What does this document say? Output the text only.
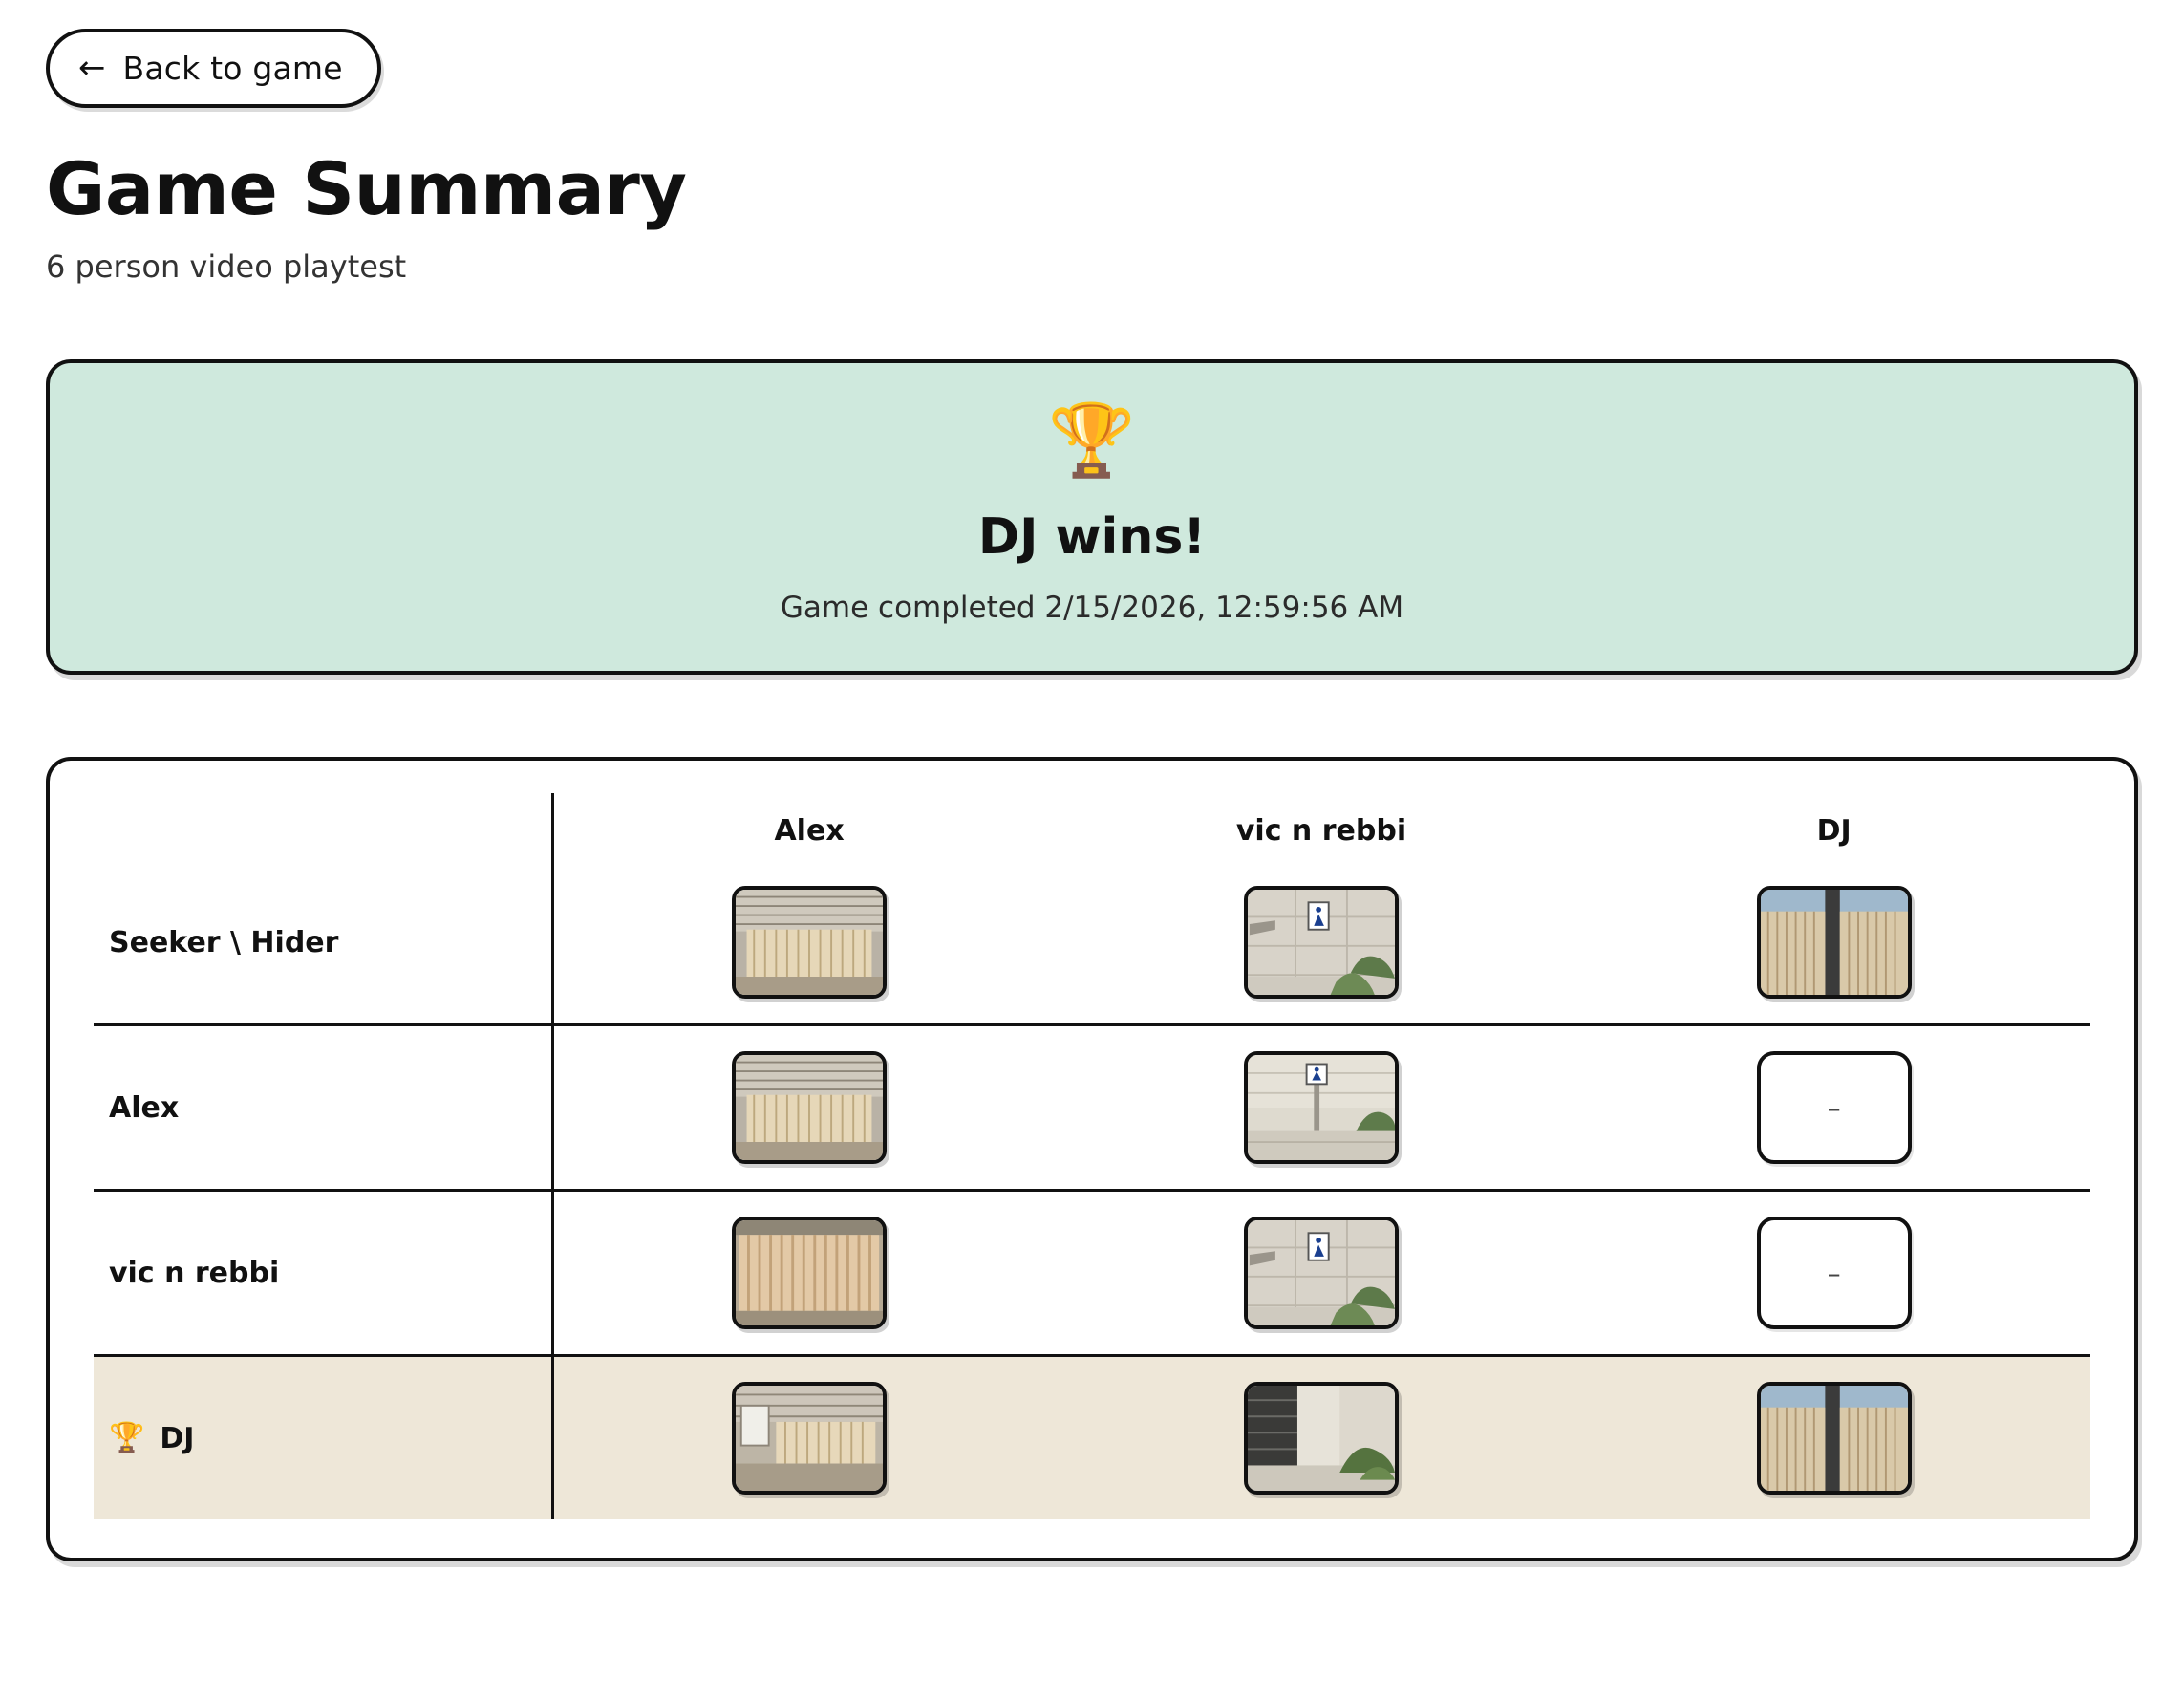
← Back to game
Game Summary
6 person video playtest
🏆
DJ wins!
Game completed 2/15/2026, 12:59:56 AM
	Alex	vic n rebbi	DJ
Seeker \ Hider	

Alex			–

vic n rebbi			–

🏆 DJ
